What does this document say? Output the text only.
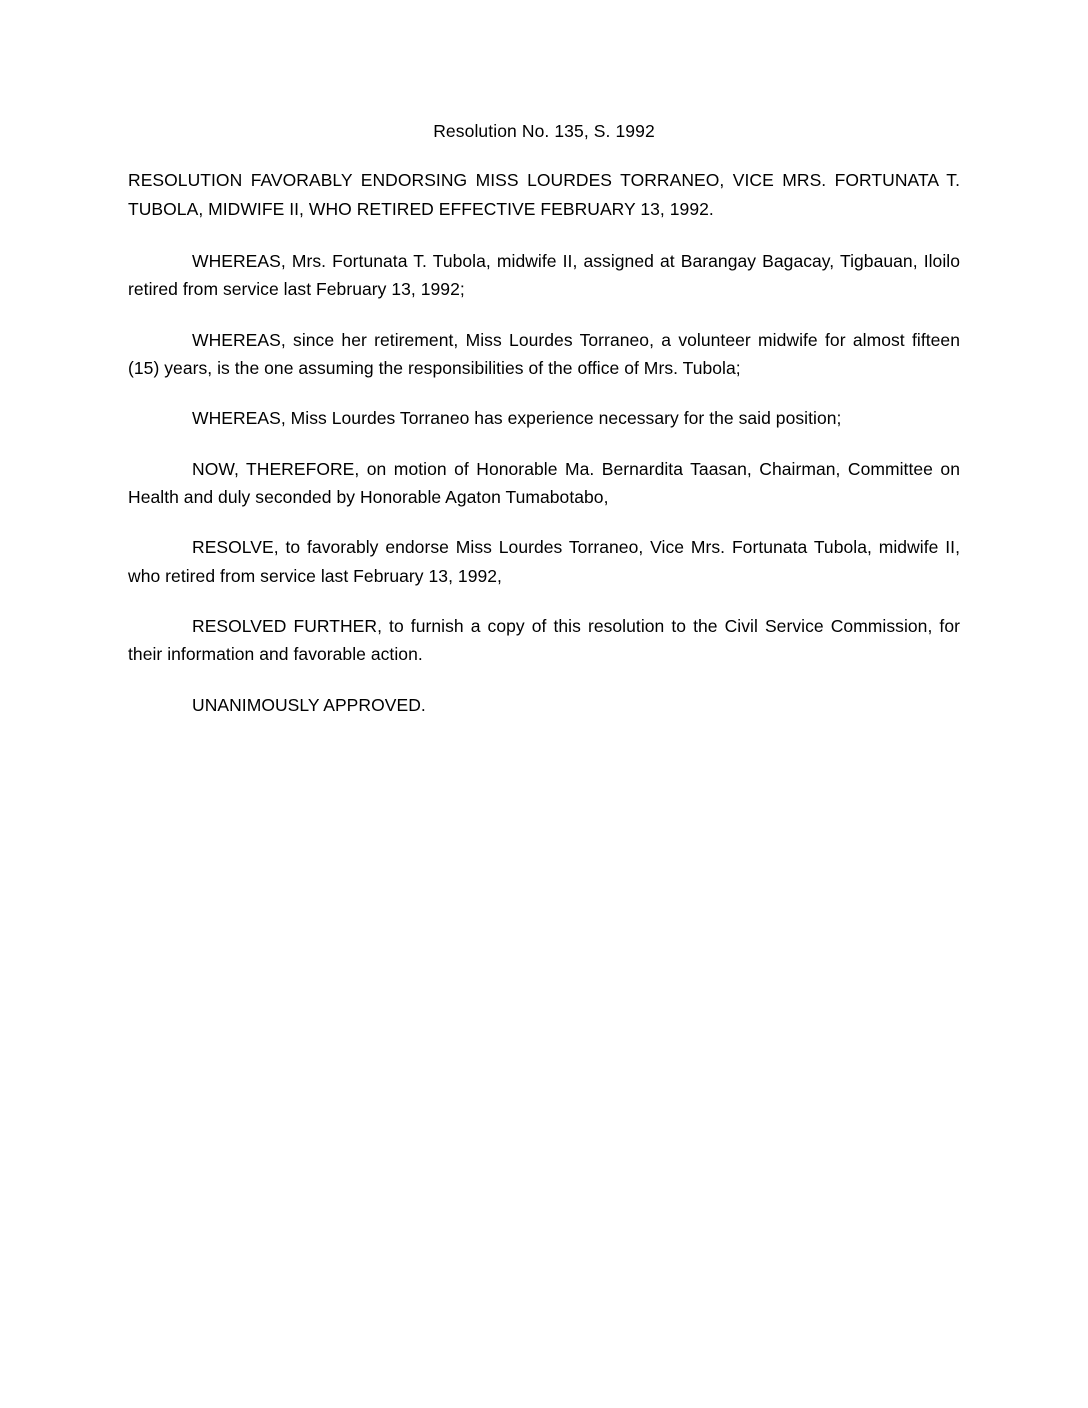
Resolution No. 135, S. 1992
RESOLUTION FAVORABLY ENDORSING MISS LOURDES TORRANEO, VICE MRS. FORTUNATA T. TUBOLA, MIDWIFE II, WHO RETIRED EFFECTIVE FEBRUARY 13, 1992.
WHEREAS, Mrs. Fortunata T. Tubola, midwife II, assigned at Barangay Bagacay, Tigbauan, Iloilo retired from service last February 13, 1992;
WHEREAS, since her retirement, Miss Lourdes Torraneo, a volunteer midwife for almost fifteen (15) years, is the one assuming the responsibilities of the office of Mrs. Tubola;
WHEREAS, Miss Lourdes Torraneo has experience necessary for the said position;
NOW, THEREFORE, on motion of Honorable Ma. Bernardita Taasan, Chairman, Committee on Health and duly seconded by Honorable Agaton Tumabotabo,
RESOLVE, to favorably endorse Miss Lourdes Torraneo, Vice Mrs. Fortunata Tubola, midwife II, who retired from service last February 13, 1992,
RESOLVED FURTHER, to furnish a copy of this resolution to the Civil Service Commission, for their information and favorable action.
UNANIMOUSLY APPROVED.
